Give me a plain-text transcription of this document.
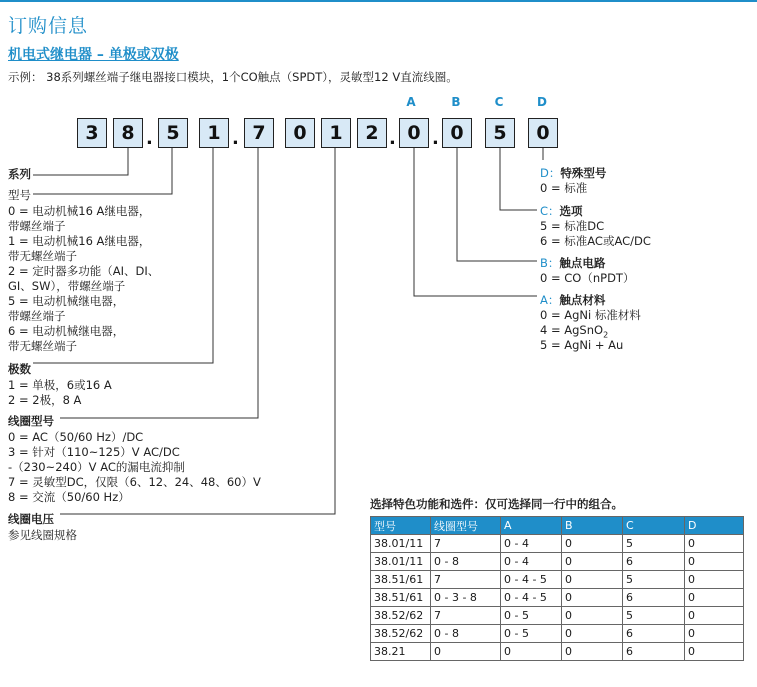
订购信息
机电式继电器 – 单极或双极
示例： 38系列螺丝端子继电器接口模块，1个CO触点（SPDT），灵敏型12 V直流线圈。
A	B	C	D
3	8 . 5	1 . 7	0	1	2 . 0 . 0	5	0
系列
型号
0 = 电动机械16 A继电器，
带螺丝端子
1 = 电动机械16 A继电器，
带无螺丝端子
2 = 定时器多功能（AI、DI、
GI、SW），带螺丝端子
5 = 电动机械继电器，
带螺丝端子
6 = 电动机械继电器，
带无螺丝端子
极数
1 = 单极，6或16 A
2 = 2极，8 A
线圈型号
0 = AC（50/60 Hz）/DC
3 = 针对（110~125）V AC/DC
-（230~240）V AC的漏电流抑制
7 = 灵敏型DC，仅限（6、12、24、48、60）V
8 = 交流（50/60 Hz）
线圈电压
参见线圈规格
D：特殊型号
0 = 标准
C：选项
5 = 标准DC
6 = 标准AC或AC/DC
B：触点电路
0 = CO（nPDT）
A：触点材料
0 = AgNi 标准材料
4 = AgSnO$_2$
5 = AgNi + Au
选择特色功能和选件：仅可选择同一行中的组合。
型号	线圈型号	A	B	C	D
38.01/11	7	0 - 4	0	5	0
38.01/11	0 - 8	0 - 4	0	6	0
38.51/61	7	0 - 4 - 5	0	5	0
38.51/61	0 - 3 - 8	0 - 4 - 5	0	6	0
38.52/62	7	0 - 5	0	5	0
38.52/62	0 - 8	0 - 5	0	6	0
38.21	0	0	0	6	0
